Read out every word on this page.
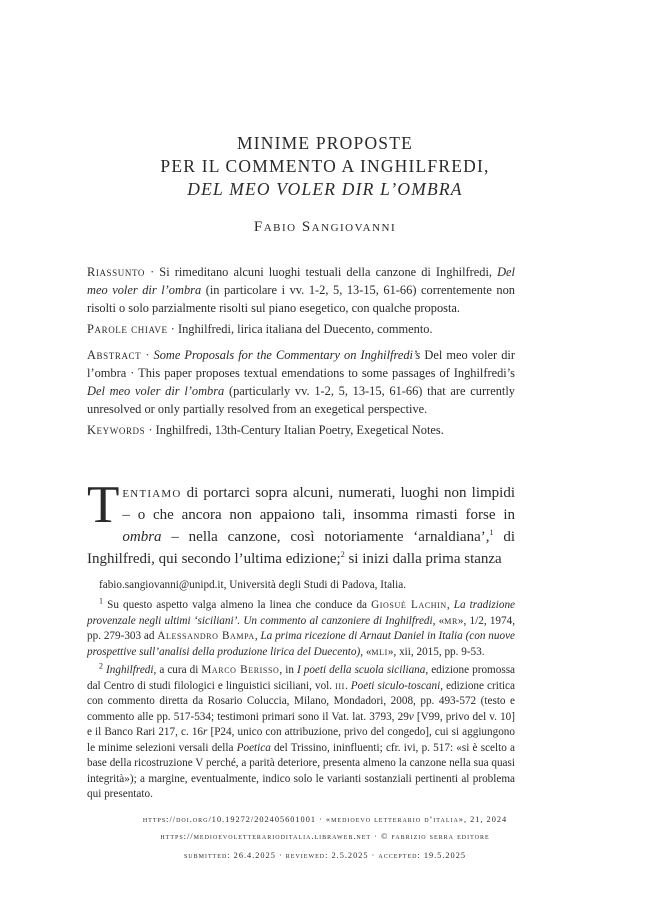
MINIME PROPOSTE
PER IL COMMENTO A INGHILFREDI,
DEL MEO VOLER DIR L’OMBRA
Fabio Sangiovanni

Riassunto · Si rimeditano alcuni luoghi testuali della canzone di Inghilfredi, Del meo voler dir l’ombra (in particolare i vv. 1-2, 5, 13-15, 61-66) correntemente non risolti o solo parzialmente risolti sul piano esegetico, con qualche proposta.

Parole chiave · Inghilfredi, lirica italiana del Duecento, commento.

Abstract · Some Proposals for the Commentary on Inghilfredi’s Del meo voler dir l’ombra · This paper proposes textual emendations to some passages of Inghilfredi’s Del meo voler dir l’ombra (particularly vv. 1-2, 5, 13-15, 61-66) that are currently unresolved or only partially resolved from an exegetical perspective.

Keywords · Inghilfredi, 13th-Century Italian Poetry, Exegetical Notes.

Tentiamo di portarci sopra alcuni, numerati, luoghi non limpidi – o che ancora non appaiono tali, insomma rimasti forse in ombra – nella canzone, così notoriamente ‘arnaldiana’,$^1$ di Inghilfredi, qui secondo l’ultima edizione;$^2$ si inizi dalla prima stanza
fabio.sangiovanni@unipd.it, Università degli Studi di Padova, Italia.

$^1$ Su questo aspetto valga almeno la linea che conduce da Giosuè Lachin, La tradizione provenzale negli ultimi ‘siciliani’. Un commento al canzoniere di Inghilfredi, «mr», 1/2, 1974, pp. 279-303 ad Alessandro Bampa, La prima ricezione di Arnaut Daniel in Italia (con nuove prospettive sull’analisi della produzione lirica del Duecento), «mli», xii, 2015, pp. 9-53.

$^2$ Inghilfredi, a cura di Marco Berisso, in I poeti della scuola siciliana, edizione promossa dal Centro di studi filologici e linguistici siciliani, vol. iii. Poeti siculo-toscani, edizione critica con commento diretta da Rosario Coluccia, Milano, Mondadori, 2008, pp. 493-572 (testo e commento alle pp. 517-534; testimoni primari sono il Vat. lat. 3793, 29v [V99, privo del v. 10] e il Banco Rari 217, c. 16r [P24, unico con attribuzione, privo del congedo], cui si aggiungono le minime selezioni versali della Poetica del Trissino, ininfluenti; cfr. ivi, p. 517: «si è scelto a base della ricostruzione V perché, a parità deteriore, presenta almeno la canzone nella sua quasi integrità»); a margine, eventualmente, indico solo le varianti sostanziali pertinenti al problema qui presentato.

https://doi.org/10.19272/202405601001 · «medioevo letterario d’italia», 21, 2024
https://medioevoletterarioditalia.libraweb.net · © fabrizio serra editore
submitted: 26.4.2025 · reviewed: 2.5.2025 · accepted: 19.5.2025
